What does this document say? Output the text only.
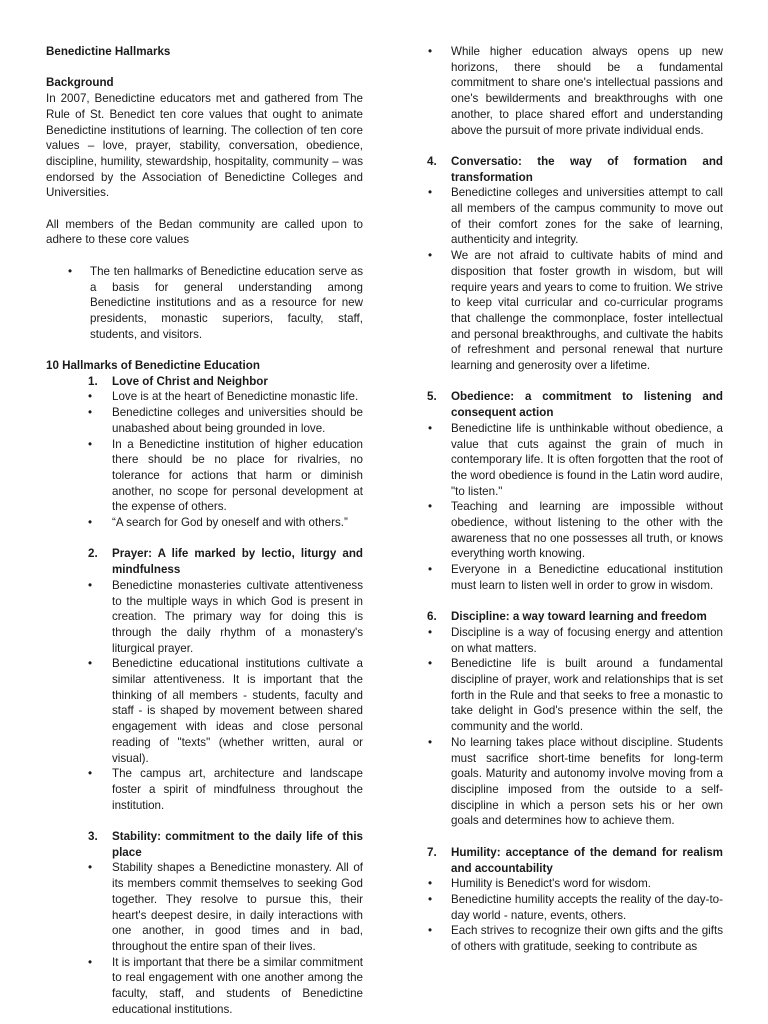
Benedictine Hallmarks

Background

In 2007, Benedictine educators met and gathered from The Rule of St. Benedict ten core values that ought to animate Benedictine institutions of learning. The collection of ten core values – love, prayer, stability, conversation, obedience, discipline, humility, stewardship, hospitality, community – was endorsed by the Association of Benedictine Colleges and Universities.

All members of the Bedan community are called upon to adhere to these core values

• The ten hallmarks of Benedictine education serve as a basis for general understanding among Benedictine institutions and as a resource for new presidents, monastic superiors, faculty, staff, students, and visitors.

10 Hallmarks of Benedictine Education

1. Love of Christ and Neighbor
• Love is at the heart of Benedictine monastic life.
• Benedictine colleges and universities should be unabashed about being grounded in love.
• In a Benedictine institution of higher education there should be no place for rivalries, no tolerance for actions that harm or diminish another, no scope for personal development at the expense of others.
• “A search for God by oneself and with others.”
2. Prayer: A life marked by lectio, liturgy and mindfulness
• Benedictine monasteries cultivate attentiveness to the multiple ways in which God is present in creation. The primary way for doing this is through the daily rhythm of a monastery's liturgical prayer.
• Benedictine educational institutions cultivate a similar attentiveness. It is important that the thinking of all members - students, faculty and staff - is shaped by movement between shared engagement with ideas and close personal reading of "texts" (whether written, aural or visual).
• The campus art, architecture and landscape foster a spirit of mindfulness throughout the institution.
3. Stability: commitment to the daily life of this place
• Stability shapes a Benedictine monastery. All of its members commit themselves to seeking God together. They resolve to pursue this, their heart's deepest desire, in daily interactions with one another, in good times and in bad, throughout the entire span of their lives.
• It is important that there be a similar commitment to real engagement with one another among the faculty, staff, and students of Benedictine educational institutions.
• While higher education always opens up new horizons, there should be a fundamental commitment to share one's intellectual passions and one's bewilderments and breakthroughs with one another, to place shared effort and understanding above the pursuit of more private individual ends.
4. Conversatio: the way of formation and transformation
• Benedictine colleges and universities attempt to call all members of the campus community to move out of their comfort zones for the sake of learning, authenticity and integrity.
• We are not afraid to cultivate habits of mind and disposition that foster growth in wisdom, but will require years and years to come to fruition. We strive to keep vital curricular and co-curricular programs that challenge the commonplace, foster intellectual and personal breakthroughs, and cultivate the habits of refreshment and personal renewal that nurture learning and generosity over a lifetime.
5. Obedience: a commitment to listening and consequent action
• Benedictine life is unthinkable without obedience, a value that cuts against the grain of much in contemporary life. It is often forgotten that the root of the word obedience is found in the Latin word audire, "to listen."
• Teaching and learning are impossible without obedience, without listening to the other with the awareness that no one possesses all truth, or knows everything worth knowing.
• Everyone in a Benedictine educational institution must learn to listen well in order to grow in wisdom.
6. Discipline: a way toward learning and freedom
• Discipline is a way of focusing energy and attention on what matters.
• Benedictine life is built around a fundamental discipline of prayer, work and relationships that is set forth in the Rule and that seeks to free a monastic to take delight in God's presence within the self, the community and the world.
• No learning takes place without discipline. Students must sacrifice short-time benefits for long-term goals. Maturity and autonomy involve moving from a discipline imposed from the outside to a self-discipline in which a person sets his or her own goals and determines how to achieve them.
7. Humility: acceptance of the demand for realism and accountability
• Humility is Benedict's word for wisdom.
• Benedictine humility accepts the reality of the day-to-day world - nature, events, others.
• Each strives to recognize their own gifts and the gifts of others with gratitude, seeking to contribute as
